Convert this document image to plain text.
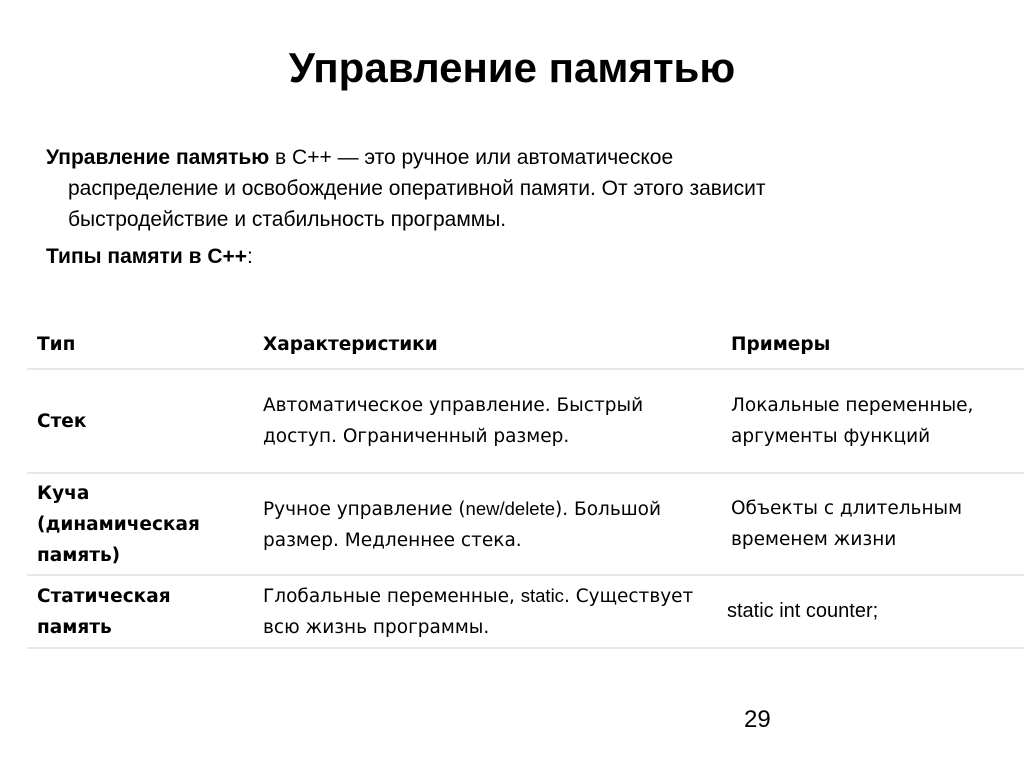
Управление памятью
Управление памятью в C++ — это ручное или автоматическое
распределение и освобождение оперативной памяти. От этого зависит
быстродействие и стабильность программы.
Типы памяти в C++:
Тип	Характеристики	Примеры
Стек	Автоматическое управление. Быстрый доступ. Ограниченный размер.	Локальные переменные, аргументы функций
Куча (динамическая память)	Ручное управление (new/delete). Большой размер. Медленнее стека.	Объекты с длительным временем жизни
Статическая память	Глобальные переменные, static. Существует всю жизнь программы.	static int counter;
29
